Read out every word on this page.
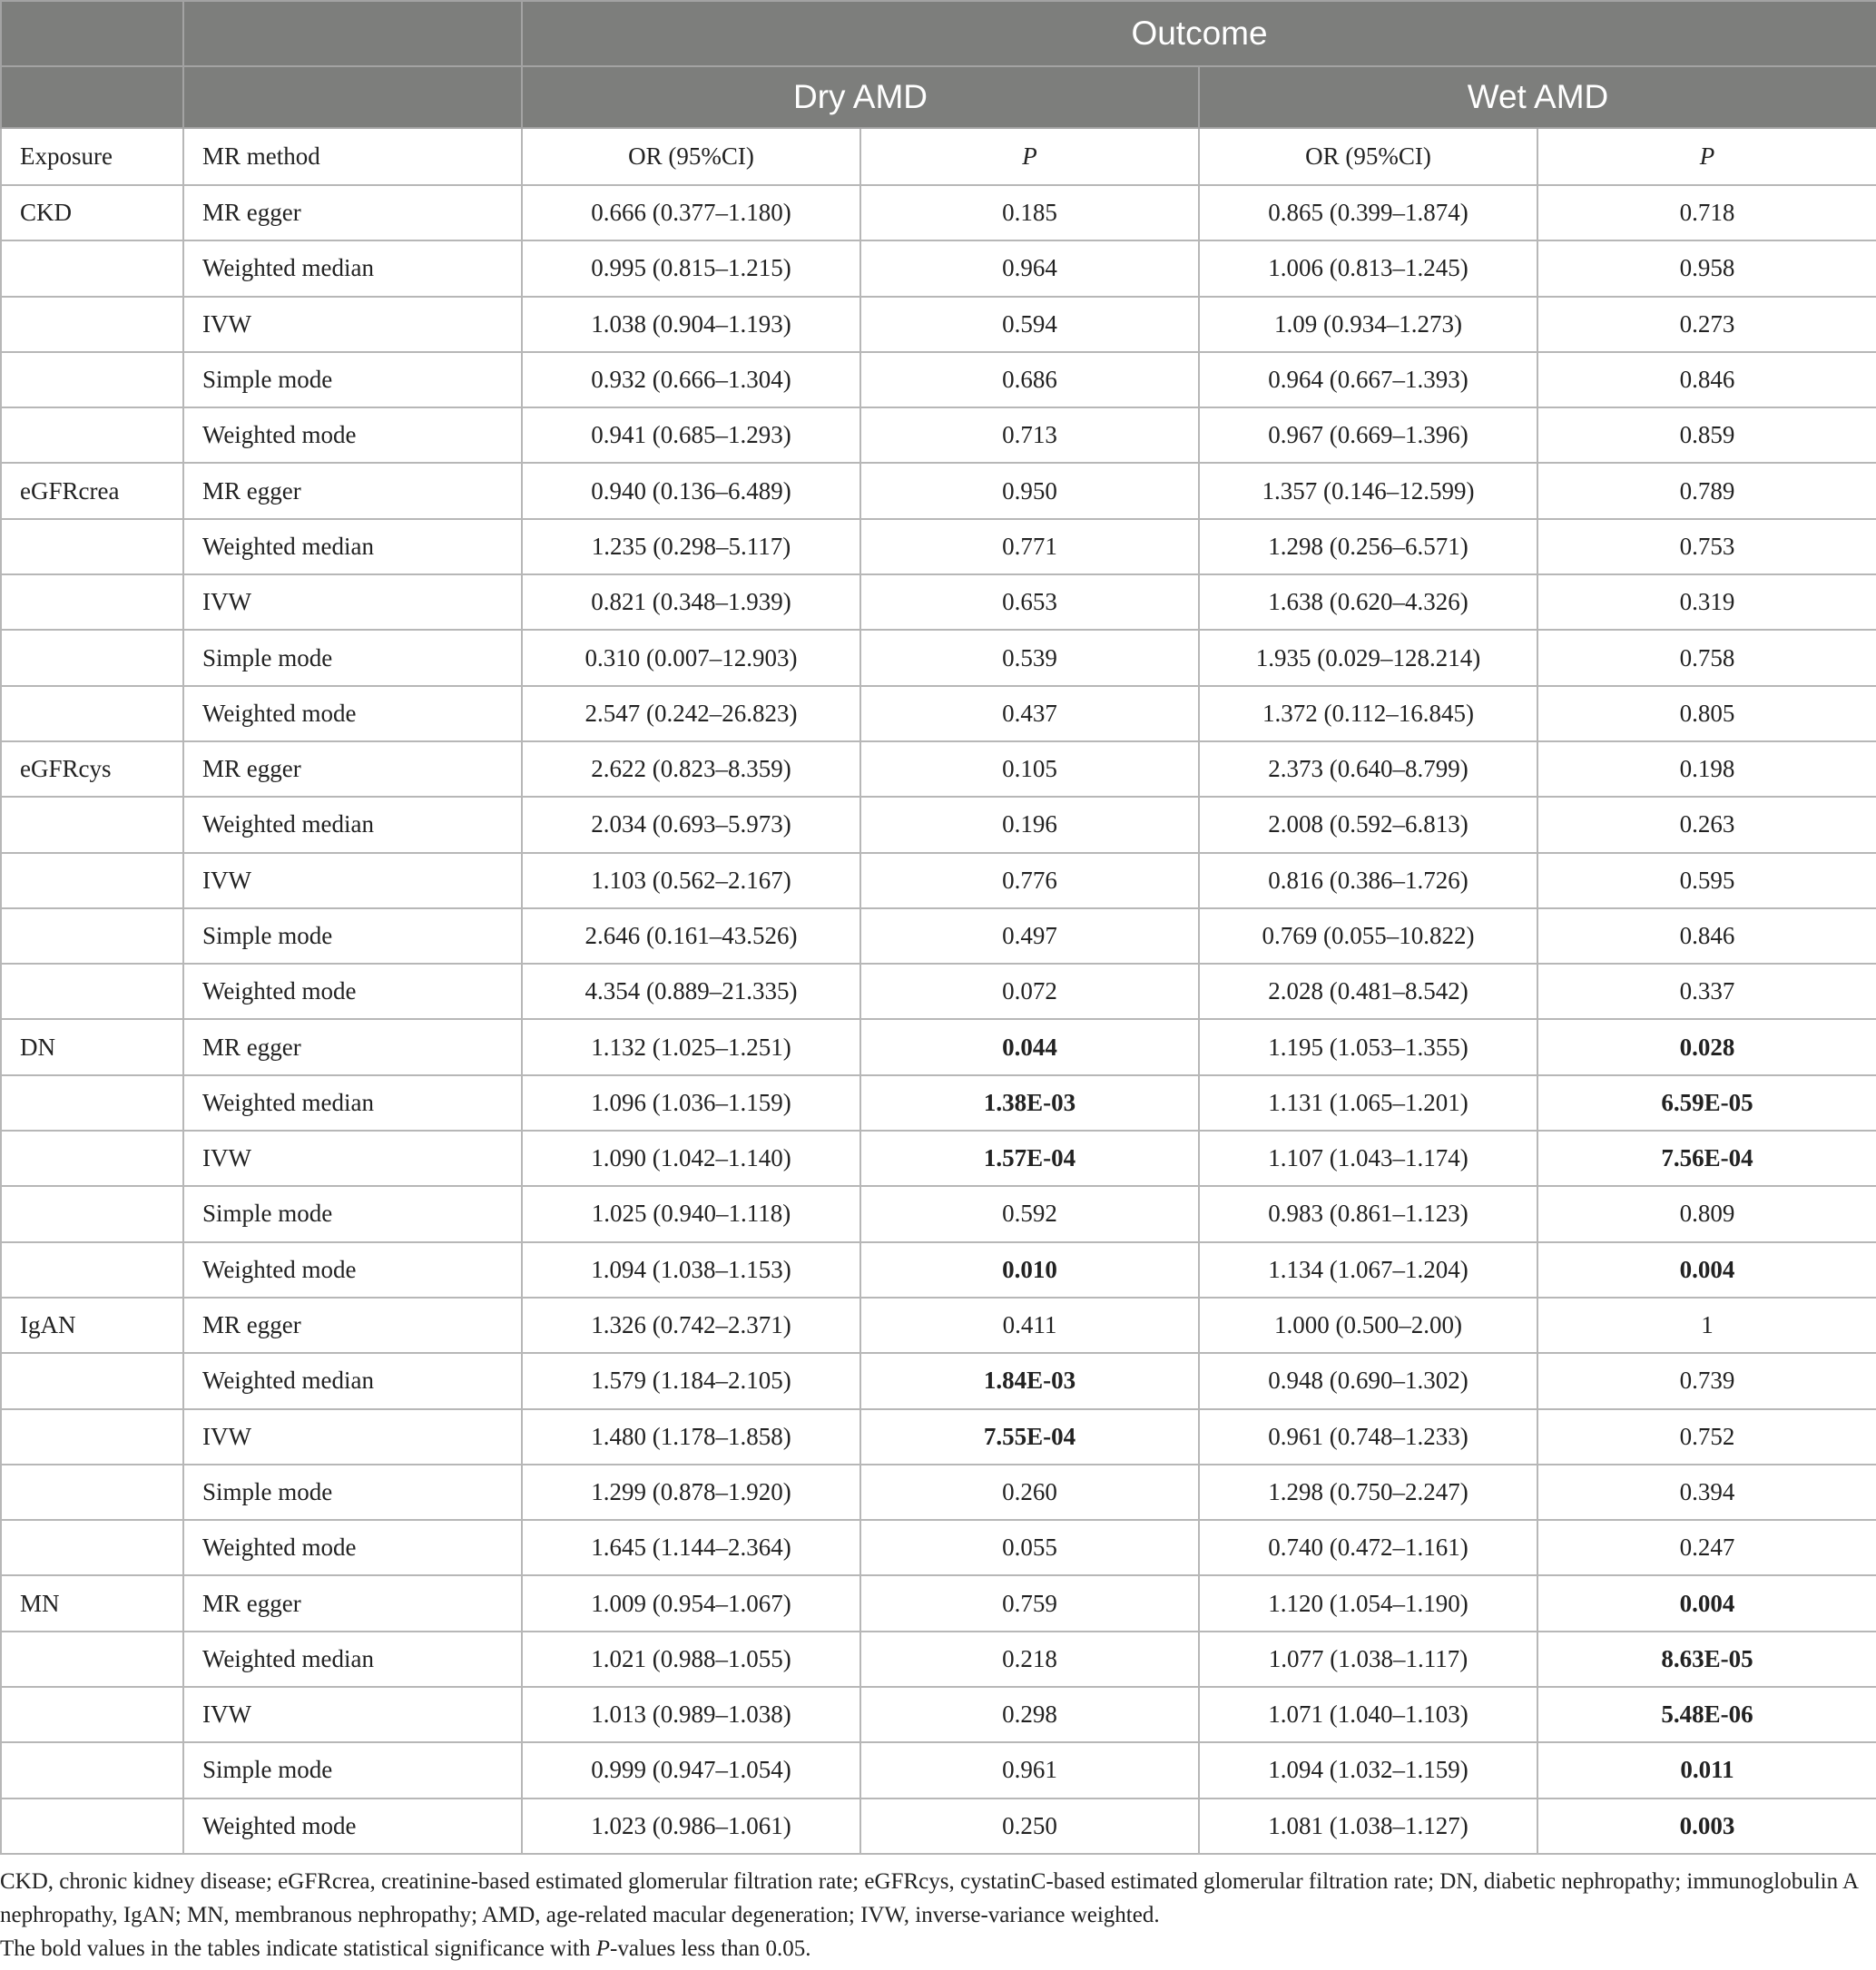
		Outcome			
		Dry AMD		Wet AMD	
Exposure	MR method	OR (95%CI)	P	OR (95%CI)	P
CKD	MR egger	0.666 (0.377–1.180)	0.185	0.865 (0.399–1.874)	0.718
	Weighted median	0.995 (0.815–1.215)	0.964	1.006 (0.813–1.245)	0.958
	IVW	1.038 (0.904–1.193)	0.594	1.09 (0.934–1.273)	0.273
	Simple mode	0.932 (0.666–1.304)	0.686	0.964 (0.667–1.393)	0.846
	Weighted mode	0.941 (0.685–1.293)	0.713	0.967 (0.669–1.396)	0.859
eGFRcrea	MR egger	0.940 (0.136–6.489)	0.950	1.357 (0.146–12.599)	0.789
	Weighted median	1.235 (0.298–5.117)	0.771	1.298 (0.256–6.571)	0.753
	IVW	0.821 (0.348–1.939)	0.653	1.638 (0.620–4.326)	0.319
	Simple mode	0.310 (0.007–12.903)	0.539	1.935 (0.029–128.214)	0.758
	Weighted mode	2.547 (0.242–26.823)	0.437	1.372 (0.112–16.845)	0.805
eGFRcys	MR egger	2.622 (0.823–8.359)	0.105	2.373 (0.640–8.799)	0.198
	Weighted median	2.034 (0.693–5.973)	0.196	2.008 (0.592–6.813)	0.263
	IVW	1.103 (0.562–2.167)	0.776	0.816 (0.386–1.726)	0.595
	Simple mode	2.646 (0.161–43.526)	0.497	0.769 (0.055–10.822)	0.846
	Weighted mode	4.354 (0.889–21.335)	0.072	2.028 (0.481–8.542)	0.337
DN	MR egger	1.132 (1.025–1.251)	0.044	1.195 (1.053–1.355)	0.028
	Weighted median	1.096 (1.036–1.159)	1.38E-03	1.131 (1.065–1.201)	6.59E-05
	IVW	1.090 (1.042–1.140)	1.57E-04	1.107 (1.043–1.174)	7.56E-04
	Simple mode	1.025 (0.940–1.118)	0.592	0.983 (0.861–1.123)	0.809
	Weighted mode	1.094 (1.038–1.153)	0.010	1.134 (1.067–1.204)	0.004
IgAN	MR egger	1.326 (0.742–2.371)	0.411	1.000 (0.500–2.00)	1
	Weighted median	1.579 (1.184–2.105)	1.84E-03	0.948 (0.690–1.302)	0.739
	IVW	1.480 (1.178–1.858)	7.55E-04	0.961 (0.748–1.233)	0.752
	Simple mode	1.299 (0.878–1.920)	0.260	1.298 (0.750–2.247)	0.394
	Weighted mode	1.645 (1.144–2.364)	0.055	0.740 (0.472–1.161)	0.247
MN	MR egger	1.009 (0.954–1.067)	0.759	1.120 (1.054–1.190)	0.004
	Weighted median	1.021 (0.988–1.055)	0.218	1.077 (1.038–1.117)	8.63E-05
	IVW	1.013 (0.989–1.038)	0.298	1.071 (1.040–1.103)	5.48E-06
	Simple mode	0.999 (0.947–1.054)	0.961	1.094 (1.032–1.159)	0.011
	Weighted mode	1.023 (0.986–1.061)	0.250	1.081 (1.038–1.127)	0.003

CKD, chronic kidney disease; eGFRcrea, creatinine-based estimated glomerular filtration rate; eGFRcys, cystatinC-based estimated glomerular filtration rate; DN, diabetic nephropathy; immunoglobulin A nephropathy, IgAN; MN, membranous nephropathy; AMD, age-related macular degeneration; IVW, inverse-variance weighted.

The bold values in the tables indicate statistical significance with P-values less than 0.05.
